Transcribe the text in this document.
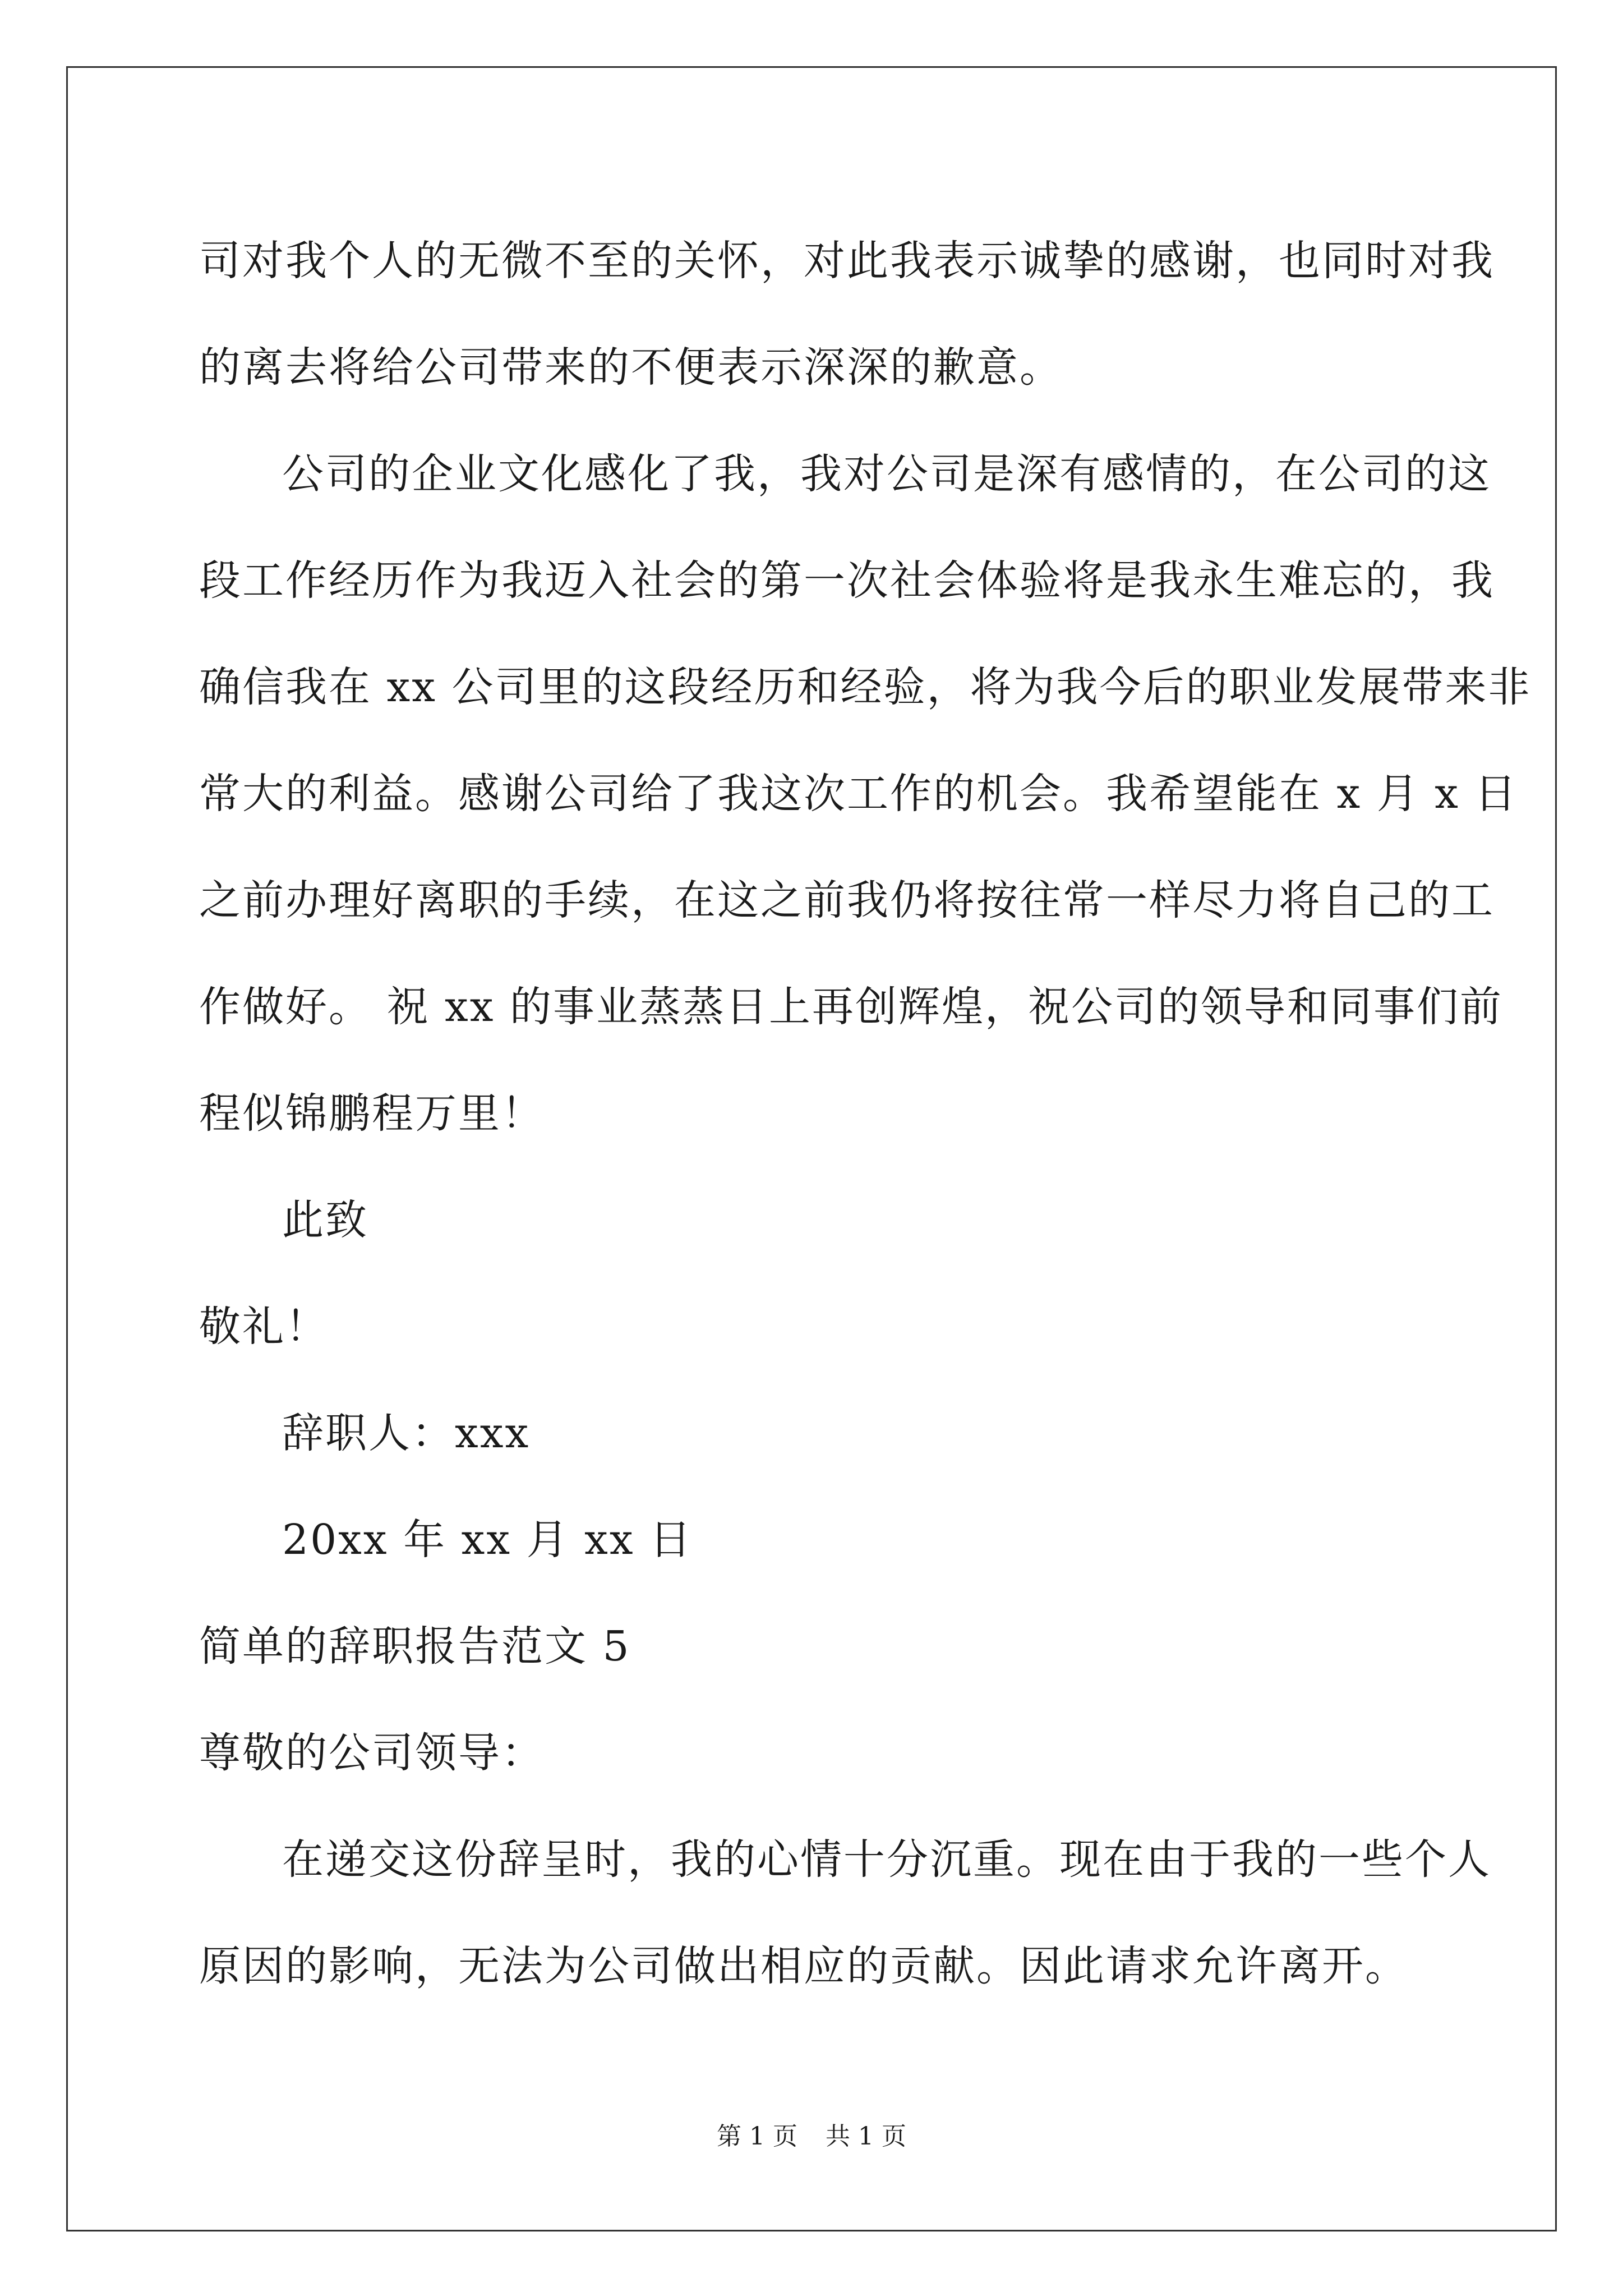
司对我个人的无微不至的关怀，对此我表示诚挚的感谢，也同时对我
的离去将给公司带来的不便表示深深的歉意。
公司的企业文化感化了我，我对公司是深有感情的，在公司的这
段工作经历作为我迈入社会的第一次社会体验将是我永生难忘的，我
确信我在 xx 公司里的这段经历和经验，将为我今后的职业发展带来非
常大的利益。感谢公司给了我这次工作的机会。我希望能在 x 月 x 日
之前办理好离职的手续，在这之前我仍将按往常一样尽力将自己的工
作做好。 祝 xx 的事业蒸蒸日上再创辉煌，祝公司的领导和同事们前
程似锦鹏程万里！
此致
敬礼！
辞职人：xxx
20xx 年 xx 月 xx 日
简单的辞职报告范文 5
尊敬的公司领导：
在递交这份辞呈时，我的心情十分沉重。现在由于我的一些个人
原因的影响，无法为公司做出相应的贡献。因此请求允许离开。
第 1 页 共 1 页
